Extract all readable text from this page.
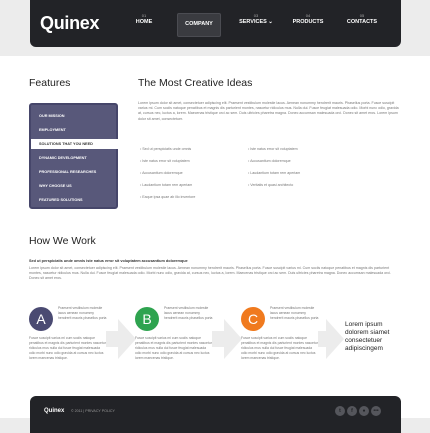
Quinex	01
HOME	COMPANY
03
SERVICES ⌄
04
PRODUCTS
05
CONTACTS
Features
OUR MISSION
EMPLOYMENT
SOLUTIONS THAT YOU NEED
DYNAMIC DEVELOPMENT
PROFESSIONAL RESEARCHES
WHY CHOOSE US
FEATURED SOLUTIONS
The Most Creative Ideas
Lorem ipsum dolor sit amet, consectetuer adipiscing elit. Praesent vestibulum molestie lacus. Aenean nonummy hendrerit mauris. Phasellus porta. Fusce suscipit varius mi. Cum sociis natoque penatibus et magnis dis parturient montes, nascetur ridiculus mus. Nulla dui. Fusce feugiat malesuada odio. Morbi nunc odio, gravida at, cursus nec, luctus a, lorem. Maecenas tristique orci ac sem. Duis ultricies pharetra magna. Donec accumsan malesuada orci. Donec sit amet eros. Lorem ipsum dolor sit amet, consectetuer.
• Sed ut perspiciatis unde omnis
• Iste natus error sit voluptatem
• Accusantium doloremque
• Laudantium totam rem aperiam
• Eaque ipsa quae ab illo inventore
• Iste natus error sit voluptatem
• Accusantium doloremque
• Laudantium totam rem aperiam
• Veritatis et quasi architecto
How We Work
Sed ut perspiciatis unde omnis iste natus error sit voluptatem accusantium doloremque
Lorem ipsum dolor sit amet, consectetuer adipiscing elit. Praesent vestibulum molestie lacus. Aenean nonummy hendrerit mauris. Phasellus porta. Fusce suscipit varius mi. Cum sociis natoque penatibus et magnis dis parturient montes, nascetur ridiculus mus. Nulla dui. Fusce feugiat malesuada odio. Morbi nunc odio, gravida at, cursus nec, luctus a, lorem. Maecenas tristique orci ac sem. Duis ultricies pharetra magna. Donec accumsan malesuada orci. Donec sit amet eros.
A
Praesent vestibulum molestie lacus aenean nonummy hendrerit mauris phasellus porta
Fusce suscipit varius mi cum sociis natoque penatibus et magnis dis parturient montes nascetur ridiculus mus nulla dui fusce feugiat malesuada odio morbi nunc odio gravida at cursus nec luctus lorem maecenas tristique.
B
Praesent vestibulum molestie lacus aenean nonummy hendrerit mauris phasellus porta
Fusce suscipit varius mi cum sociis natoque penatibus et magnis dis parturient montes nascetur ridiculus mus nulla dui fusce feugiat malesuada odio morbi nunc odio gravida at cursus nec luctus lorem maecenas tristique.
C
Praesent vestibulum molestie lacus aenean nonummy hendrerit mauris phasellus porta
Fusce suscipit varius mi cum sociis natoque penatibus et magnis dis parturient montes nascetur ridiculus mus nulla dui fusce feugiat malesuada odio morbi nunc odio gravida at cursus nec luctus lorem maecenas tristique.
Lorem ipsum dolorem siamet consectetuer adipiscingem
Quinex © 2011 | PRIVACY POLICY	t	f	●	•••
